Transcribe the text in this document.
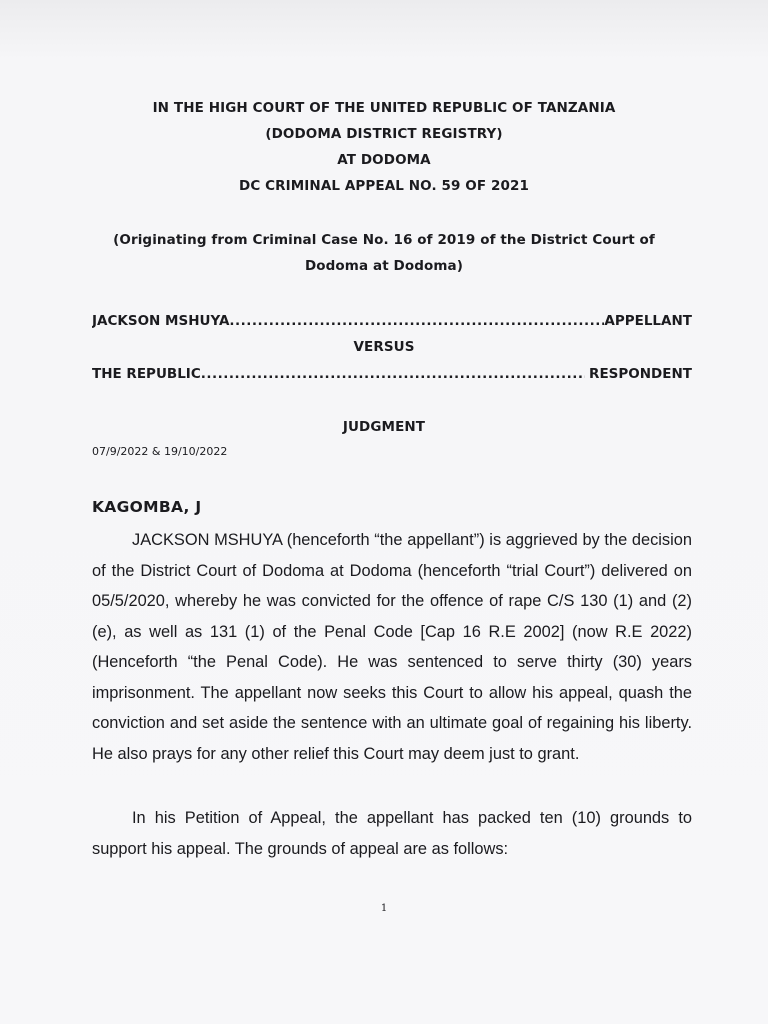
IN THE HIGH COURT OF THE UNITED REPUBLIC OF TANZANIA
(DODOMA DISTRICT REGISTRY)
AT DODOMA
DC CRIMINAL APPEAL NO. 59 OF 2021
(Originating from Criminal Case No. 16 of 2019 of the District Court of
Dodoma at Dodoma)
JACKSON MSHUYA .....	APPELLANT
VERSUS
THE REPUBLIC .....	RESPONDENT
JUDGMENT
07/9/2022 & 19/10/2022
KAGOMBA, J

JACKSON MSHUYA (henceforth “the appellant”) is aggrieved by the decision of the District Court of Dodoma at Dodoma (henceforth “trial Court”) delivered on 05/5/2020, whereby he was convicted for the offence of rape C/S 130 (1) and (2) (e), as well as 131 (1) of the Penal Code [Cap 16 R.E 2002] (now R.E 2022) (Henceforth “the Penal Code). He was sentenced to serve thirty (30) years imprisonment. The appellant now seeks this Court to allow his appeal, quash the conviction and set aside the sentence with an ultimate goal of regaining his liberty. He also prays for any other relief this Court may deem just to grant.

In his Petition of Appeal, the appellant has packed ten (10) grounds to support his appeal. The grounds of appeal are as follows:

1
